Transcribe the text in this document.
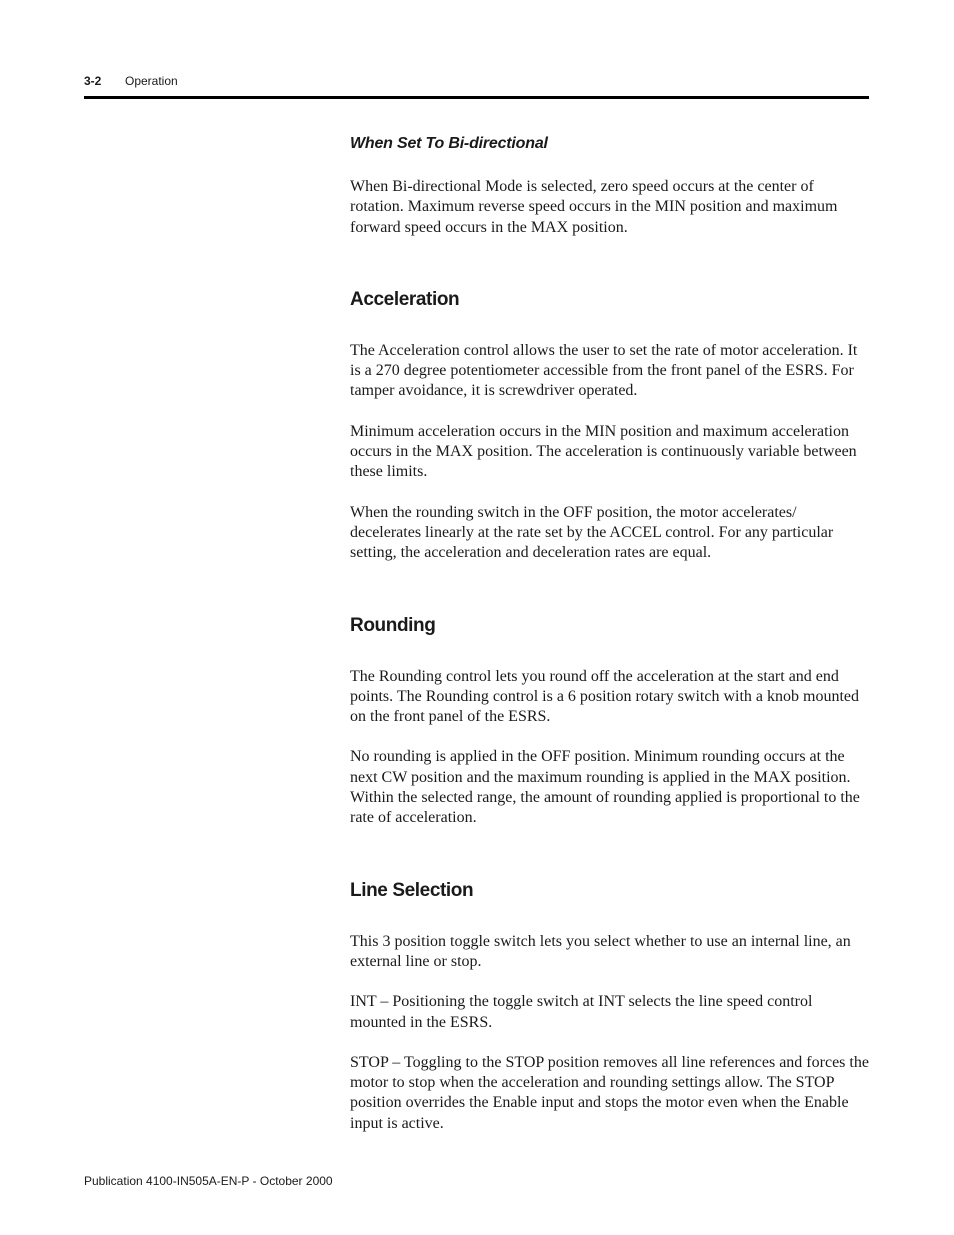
3-2 Operation
When Set To Bi-directional

When Bi-directional Mode is selected, zero speed occurs at the center of rotation. Maximum reverse speed occurs in the MIN position and maximum forward speed occurs in the MAX position.

Acceleration

The Acceleration control allows the user to set the rate of motor acceleration. It is a 270 degree potentiometer accessible from the front panel of the ESRS. For tamper avoidance, it is screwdriver operated.

Minimum acceleration occurs in the MIN position and maximum acceleration occurs in the MAX position. The acceleration is continuously variable between these limits.

When the rounding switch in the OFF position, the motor accelerates/ decelerates linearly at the rate set by the ACCEL control. For any particular setting, the acceleration and deceleration rates are equal.

Rounding

The Rounding control lets you round off the acceleration at the start and end points. The Rounding control is a 6 position rotary switch with a knob mounted on the front panel of the ESRS.

No rounding is applied in the OFF position. Minimum rounding occurs at the next CW position and the maximum rounding is applied in the MAX position. Within the selected range, the amount of rounding applied is proportional to the rate of acceleration.

Line Selection

This 3 position toggle switch lets you select whether to use an internal line, an external line or stop.

INT – Positioning the toggle switch at INT selects the line speed control mounted in the ESRS.

STOP – Toggling to the STOP position removes all line references and forces the motor to stop when the acceleration and rounding settings allow. The STOP position overrides the Enable input and stops the motor even when the Enable input is active.

Publication 4100-IN505A-EN-P - October 2000
